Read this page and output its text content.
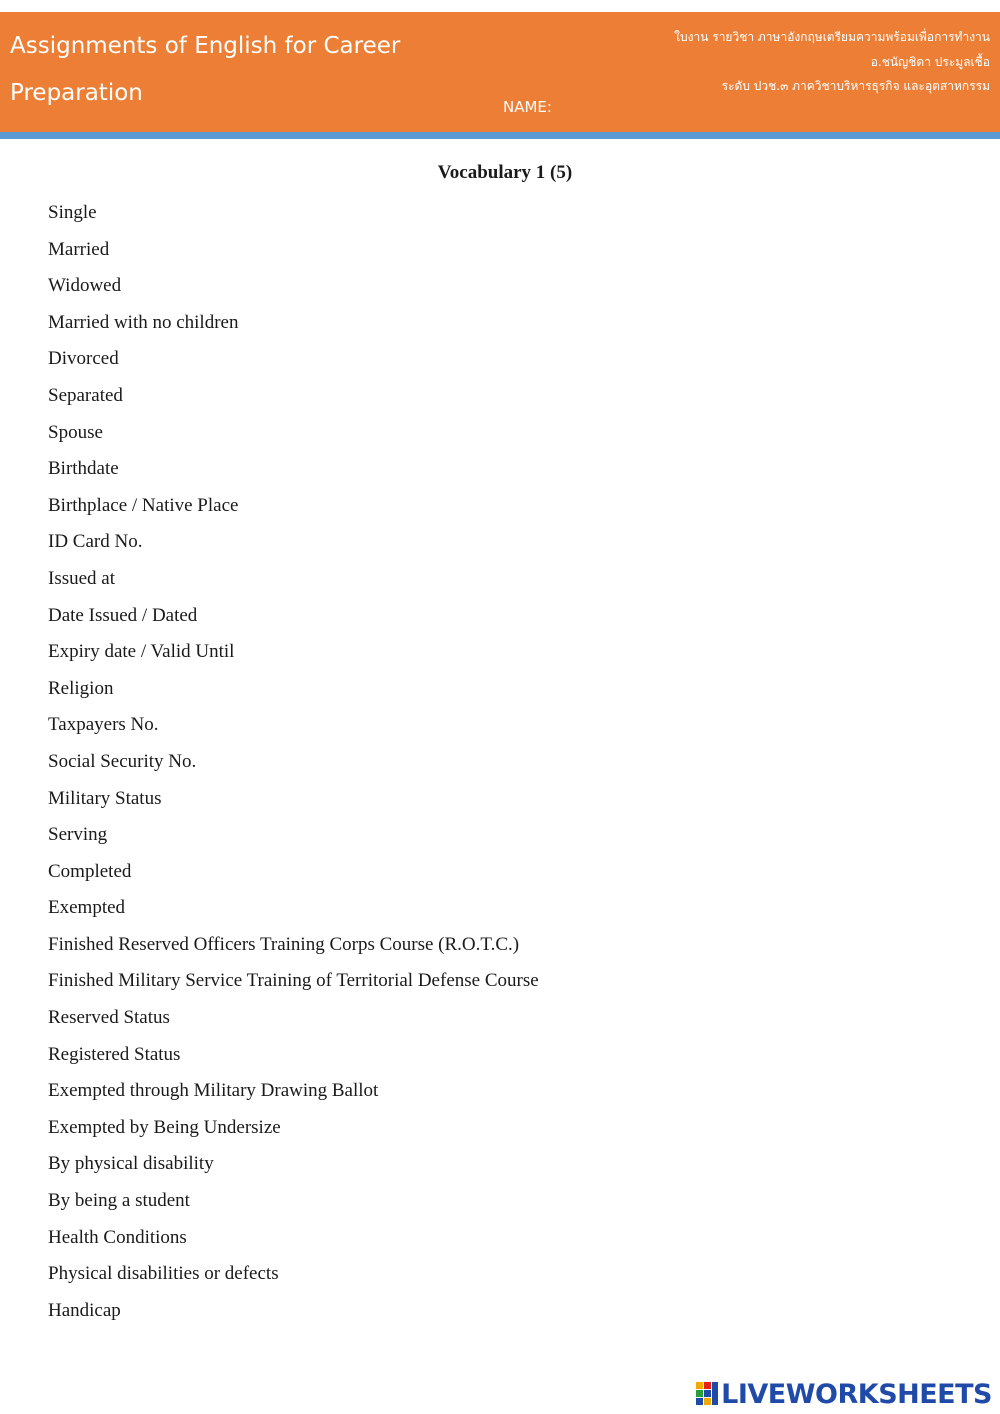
Assignments of English for Career
Preparation
NAME:
ใบงาน รายวิชา ภาษาอังกฤษเตรียมความพร้อมเพื่อการทำงาน
อ.ชนัญชิดา ประมูลเชื้อ
ระดับ ปวช.๓ ภาควิชาบริหารธุรกิจ และอุตสาหกรรม
Vocabulary 1 (5)
Single
Married
Widowed
Married with no children
Divorced
Separated
Spouse
Birthdate
Birthplace / Native Place
ID Card No.
Issued at
Date Issued / Dated
Expiry date / Valid Until
Religion
Taxpayers No.
Social Security No.
Military Status
Serving
Completed
Exempted
Finished Reserved Officers Training Corps Course (R.O.T.C.)
Finished Military Service Training of Territorial Defense Course
Reserved Status
Registered Status
Exempted through Military Drawing Ballot
Exempted by Being Undersize
By physical disability
By being a student
Health Conditions
Physical disabilities or defects
Handicap
LIVEWORKSHEETS
